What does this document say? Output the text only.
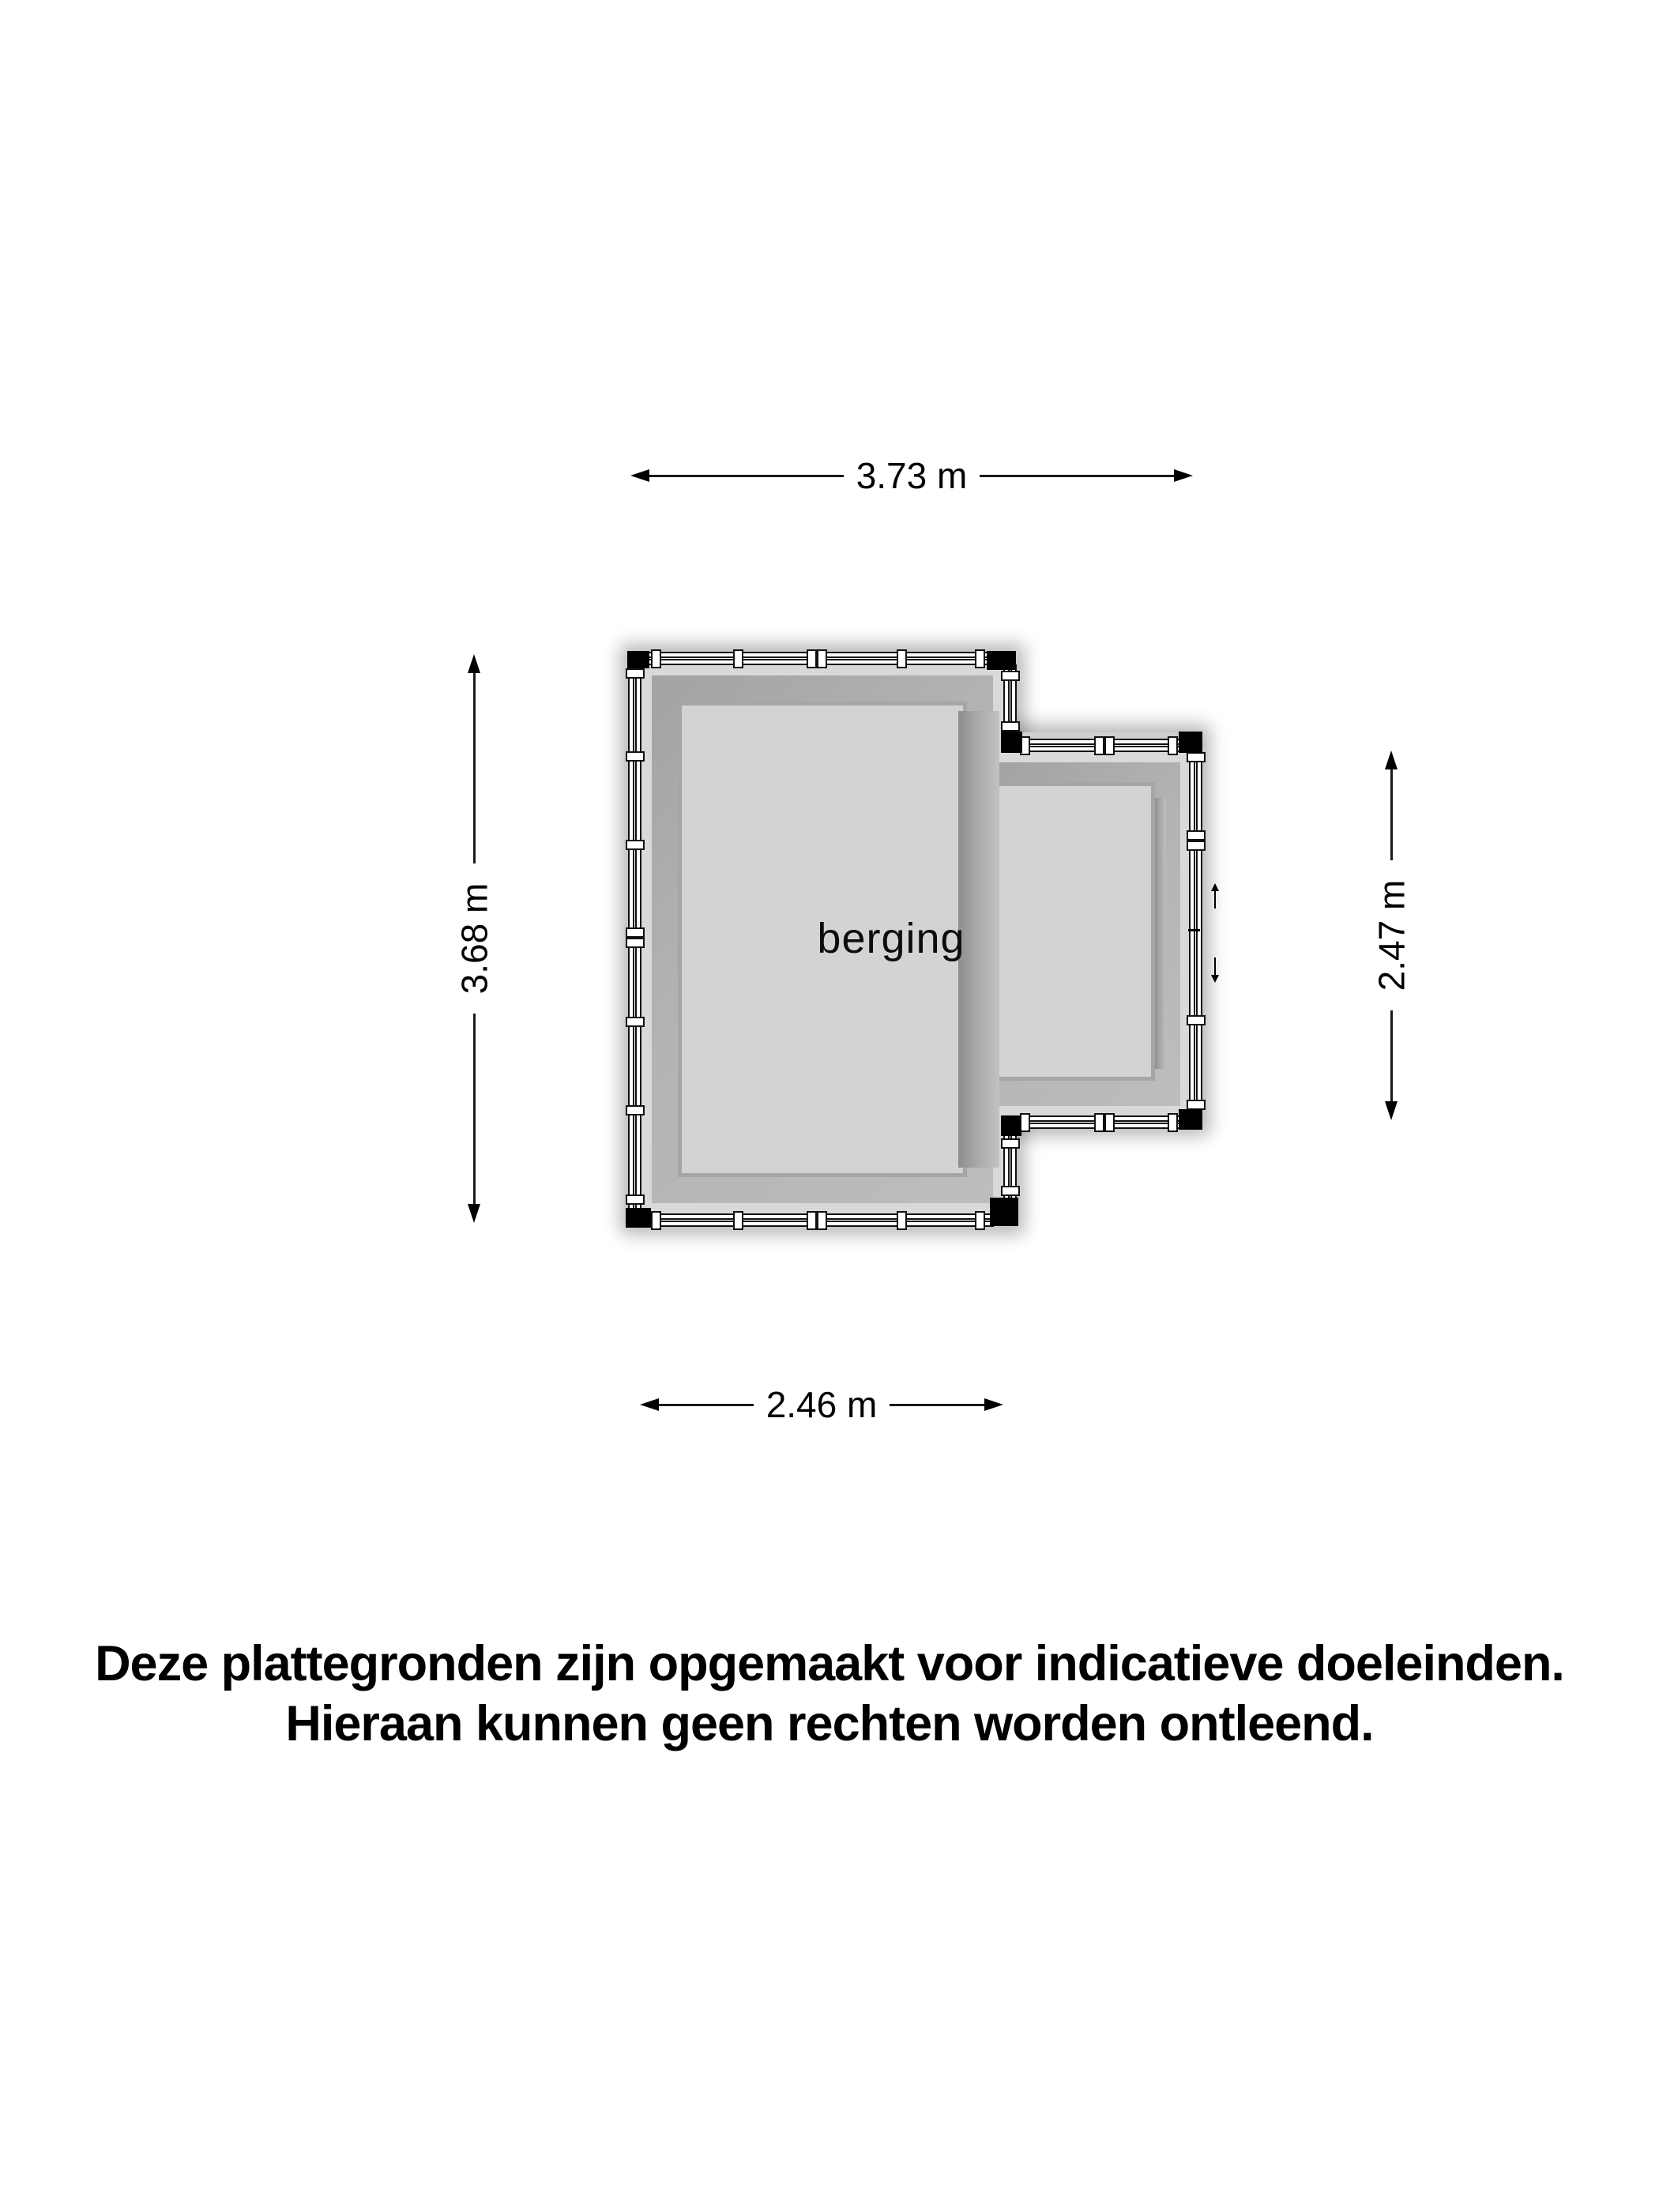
3.73 m
3.68 m	2.47 m
2.46 m
berging
Deze plattegronden zijn opgemaakt voor indicatieve doeleinden.
Hieraan kunnen geen rechten worden ontleend.
